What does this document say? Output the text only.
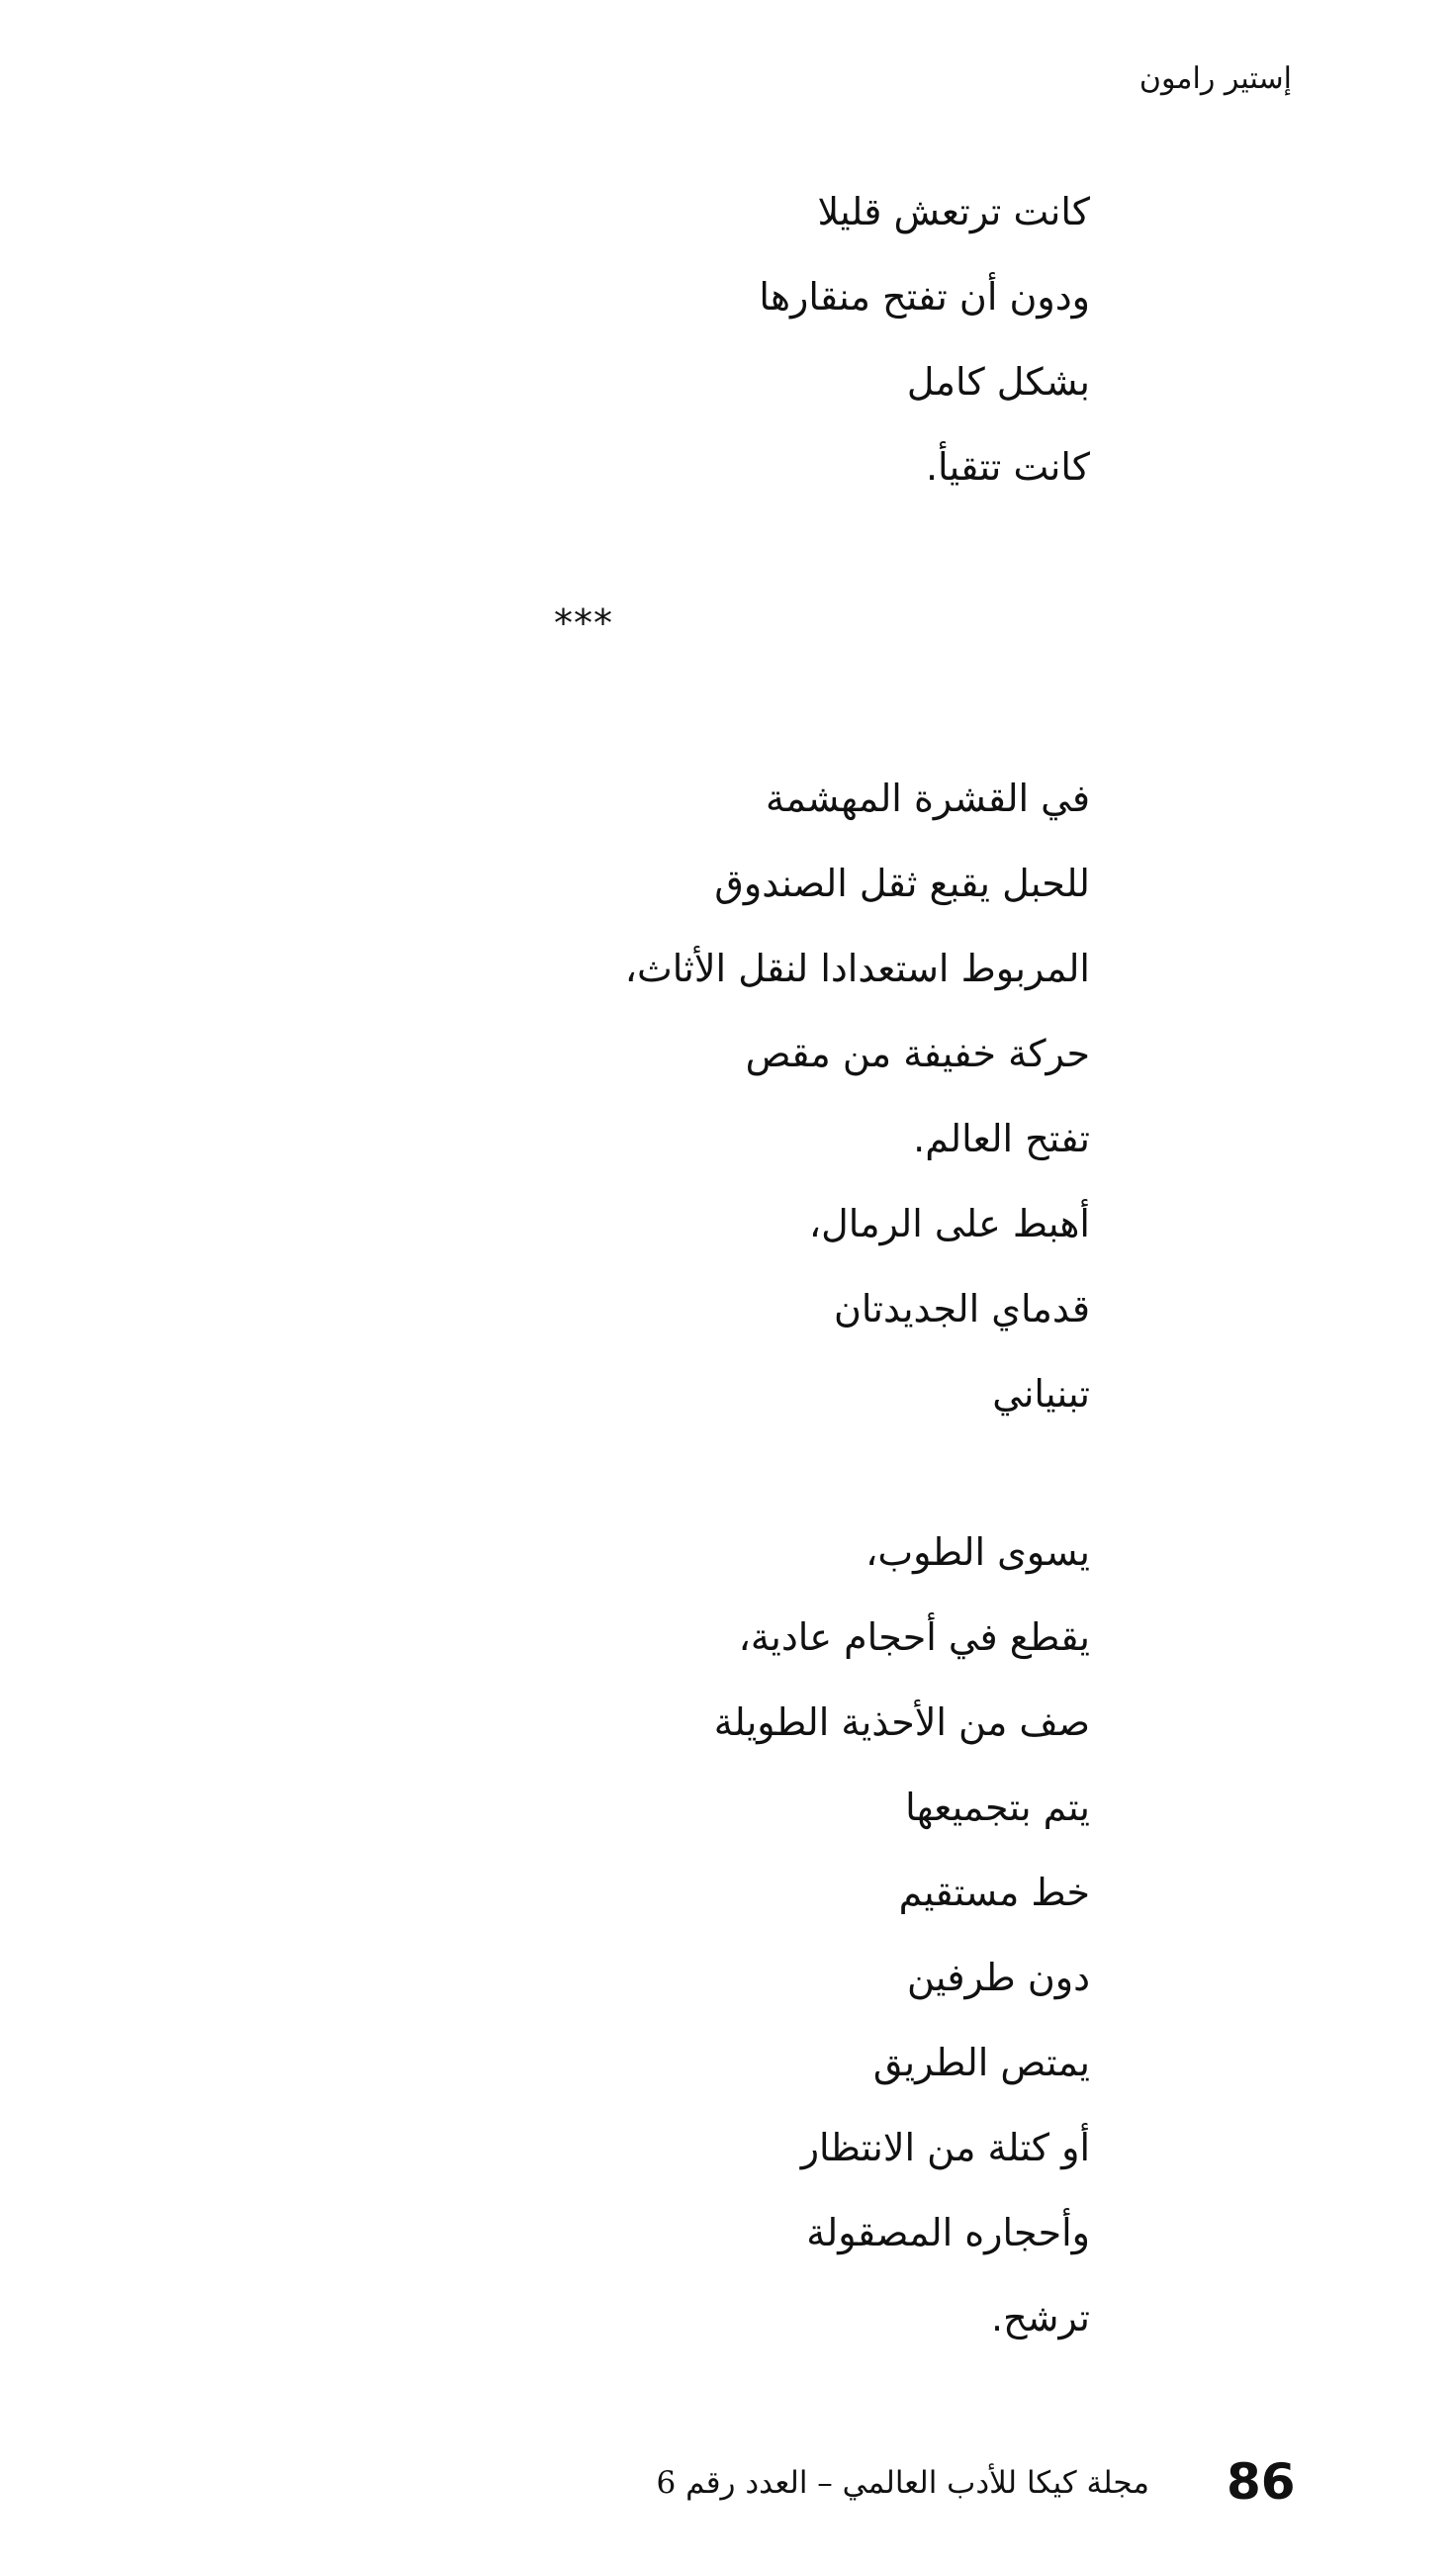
إستير رامون
كانت ترتعش قليلا
ودون أن تفتح منقارها
بشكل كامل
كانت تتقيأ.
***
في القشرة المهشمة
للحبل يقبع ثقل الصندوق
المربوط استعدادا لنقل الأثاث،
حركة خفيفة من مقص
تفتح العالم.
أهبط على الرمال،
قدماي الجديدتان
تبنياني
يسوى الطوب،
يقطع في أحجام عادية،
صف من الأحذية الطويلة
يتم بتجميعها
خط مستقيم
دون طرفين
يمتص الطريق
أو كتلة من الانتظار
وأحجاره المصقولة
ترشح.
86
مجلة كيكا للأدب العالمي – العدد رقم 6
